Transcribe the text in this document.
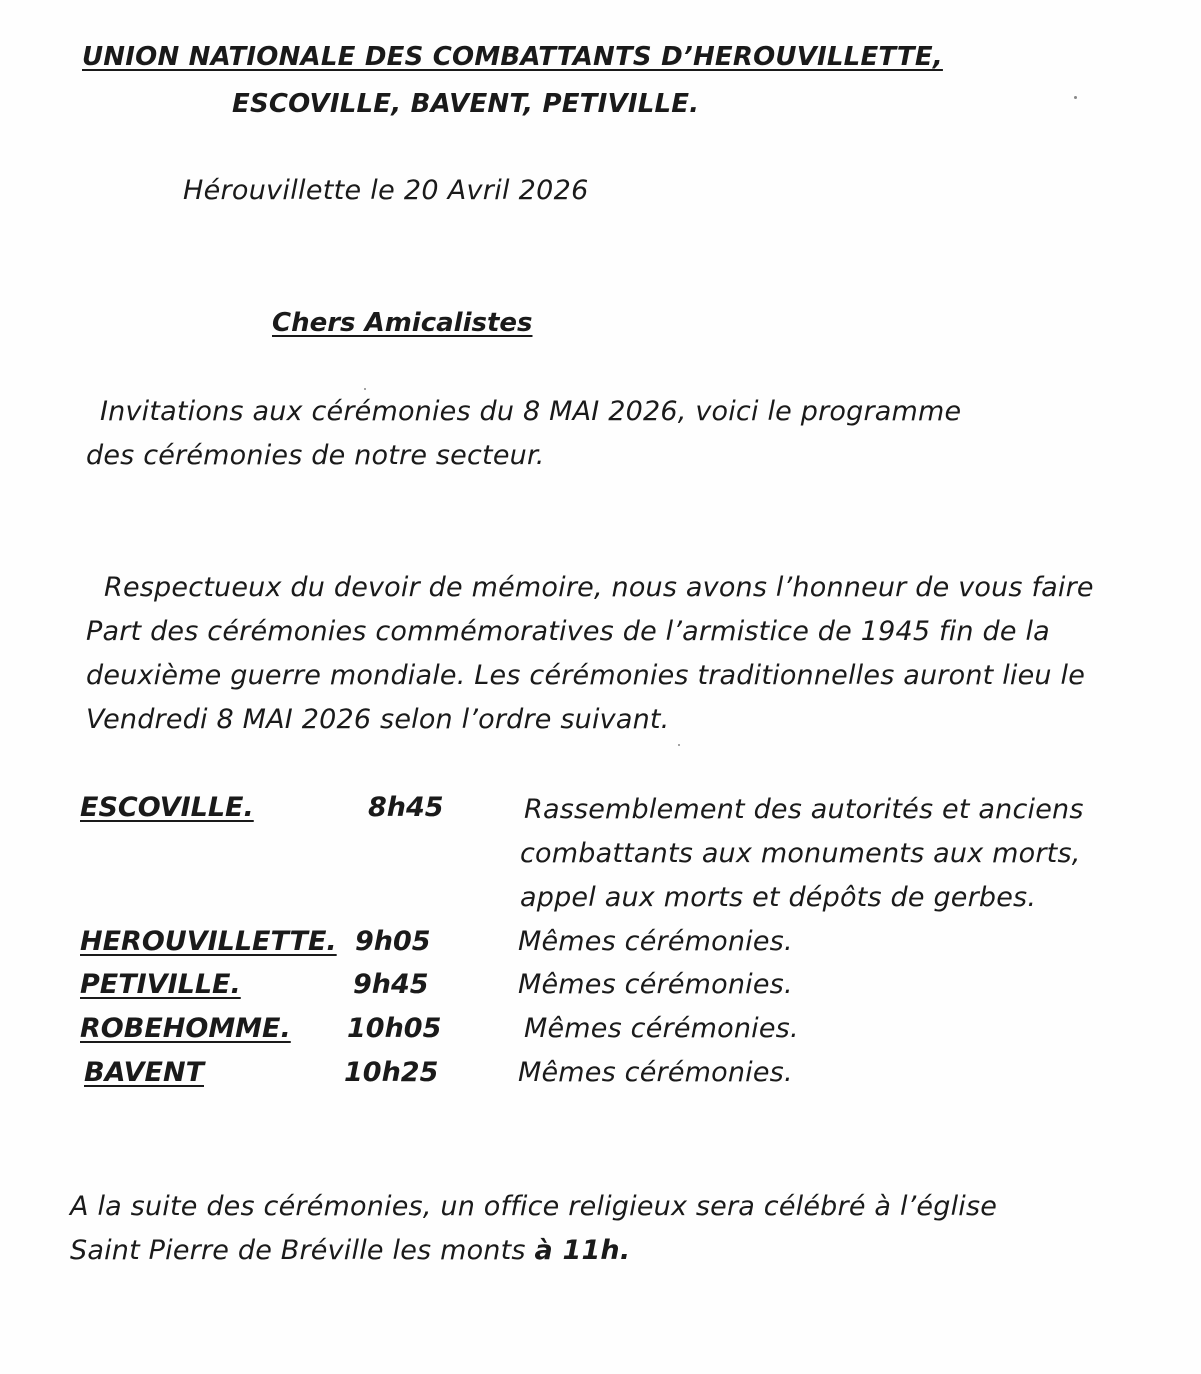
UNION NATIONALE DES COMBATTANTS D’HEROUVILLETTE,
ESCOVILLE, BAVENT, PETIVILLE.
Hérouvillette le 20 Avril 2026
Chers Amicalistes
Invitations aux cérémonies du 8 MAI 2026, voici le programme
des cérémonies de notre secteur.
Respectueux du devoir de mémoire, nous avons l’honneur de vous faire
Part des cérémonies commémoratives de l’armistice de 1945 fin de la
deuxième guerre mondiale. Les cérémonies traditionnelles auront lieu le
Vendredi 8 MAI 2026 selon l’ordre suivant.
ESCOVILLE.	8h45	Rassemblement des autorités et anciens
combattants aux monuments aux morts,
appel aux morts et dépôts de gerbes.
HEROUVILLETTE. 9h05	Mêmes cérémonies.
PETIVILLE.	9h45	Mêmes cérémonies.
ROBEHOMME. 10h05	Mêmes cérémonies.
BAVENT	10h25	Mêmes cérémonies.
A la suite des cérémonies, un office religieux sera célébré à l’église
Saint Pierre de Bréville les monts à 11h.
